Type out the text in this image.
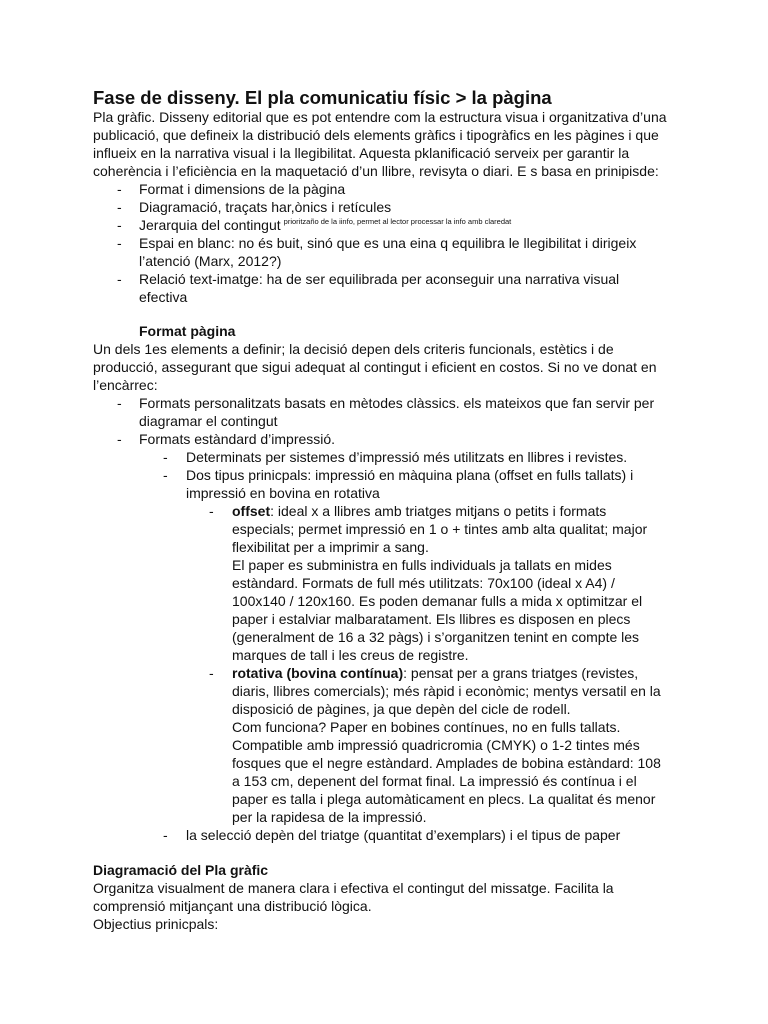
Fase de disseny. El pla comunicatiu físic > la pàgina
Pla gràfic. Disseny editorial que es pot entendre com la estructura visua i organitzativa d’una
publicació, que defineix la distribució dels elements gràfics i tipogràfics en les pàgines i que
influeix en la narrativa visual i la llegibilitat. Aquesta pklanificació serveix per garantir la
coherència i l’eficiència en la maquetació d’un llibre, revisyta o diari. E s basa en prinipisde:
- Format i dimensions de la pàgina
- Diagramació, traçats har,ònics i retícules
- Jerarquia del contingut $^{prioritzaño de la iinfo, permet al lector processar la info amb claredat}$
- Espai en blanc: no és buit, sinó que es una eina q equilibra le llegibilitat i dirigeix
l’atenció (Marx, 2012?)
- Relació text-imatge: ha de ser equilibrada per aconseguir una narrativa visual
efectiva
Format pàgina
Un dels 1es elements a definir; la decisió depen dels criteris funcionals, estètics i de
producció, assegurant que sigui adequat al contingut i eficient en costos. Si no ve donat en
l’encàrrec:
- Formats personalitzats basats en mètodes clàssics. els mateixos que fan servir per
diagramar el contingut
- Formats estàndard d’impressió.
- Determinats per sistemes d’impressió més utilitzats en llibres i revistes.
- Dos tipus prinicpals: impressió en màquina plana (offset en fulls tallats) i
impressió en bovina en rotativa
- offset: ideal x a llibres amb triatges mitjans o petits i formats
especials; permet impressió en 1 o + tintes amb alta qualitat; major
flexibilitat per a imprimir a sang.
El paper es subministra en fulls individuals ja tallats en mides
estàndard. Formats de full més utilitzats: 70x100 (ideal x A4) /
100x140 / 120x160. Es poden demanar fulls a mida x optimitzar el
paper i estalviar malbaratament. Els llibres es disposen en plecs
(generalment de 16 a 32 pàgs) i s’organitzen tenint en compte les
marques de tall i les creus de registre.
- rotativa (bovina contínua): pensat per a grans triatges (revistes,
diaris, llibres comercials); més ràpid i econòmic; mentys versatil en la
disposició de pàgines, ja que depèn del cicle de rodell.
Com funciona? Paper en bobines contínues, no en fulls tallats.
Compatible amb impressió quadricromia (CMYK) o 1-2 tintes més
fosques que el negre estàndard. Amplades de bobina estàndard: 108
a 153 cm, depenent del format final. La impressió és contínua i el
paper es talla i plega automàticament en plecs. La qualitat és menor
per la rapidesa de la impressió.
- la selecció depèn del triatge (quantitat d’exemplars) i el tipus de paper
Diagramació del Pla gràfic
Organitza visualment de manera clara i efectiva el contingut del missatge. Facilita la
comprensió mitjançant una distribució lògica.
Objectius prinicpals:
